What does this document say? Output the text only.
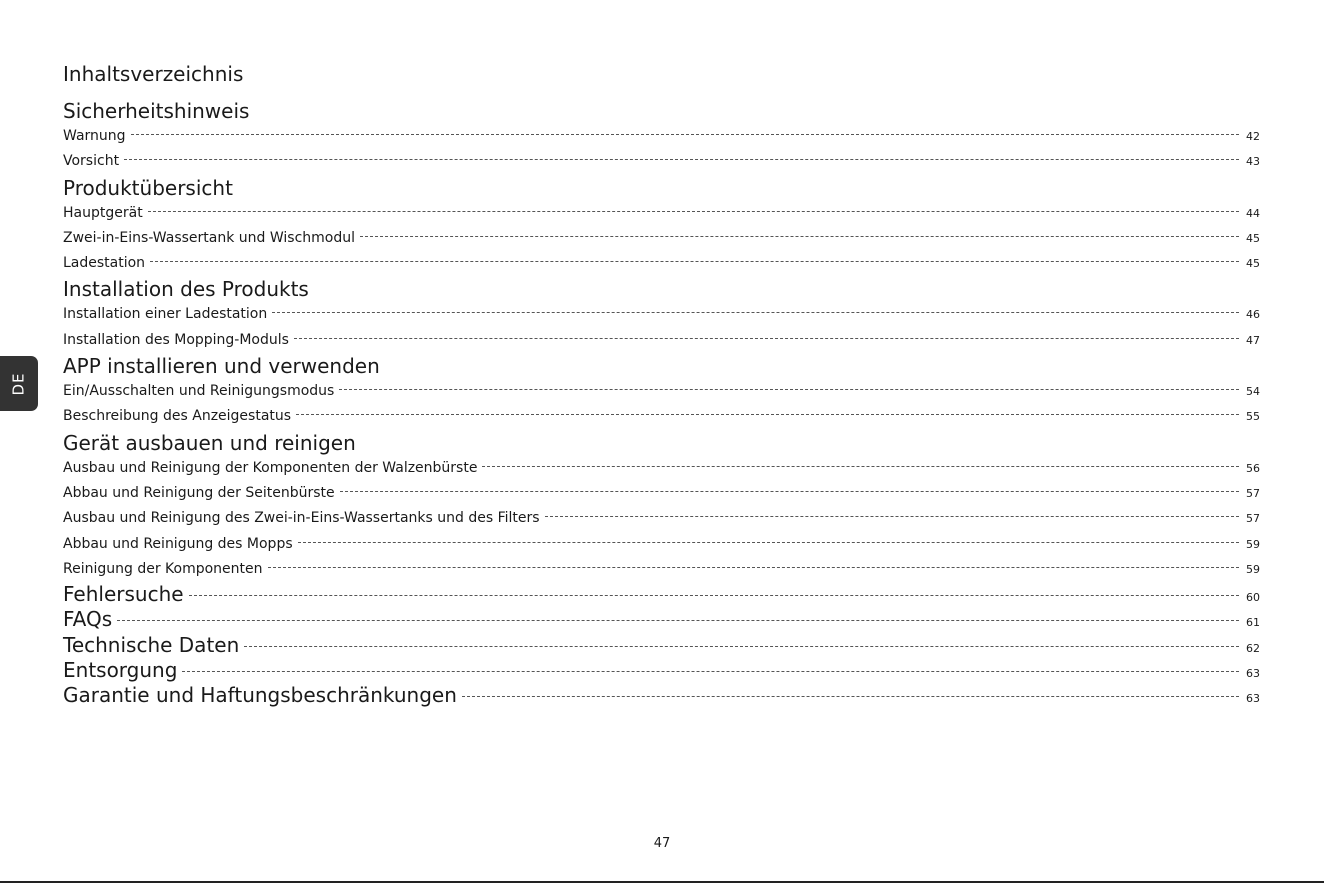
Inhaltsverzeichnis
Sicherheitshinweis
Warnung	42
Vorsicht	43
Produktübersicht
Hauptgerät	44
Zwei-in-Eins-Wassertank und Wischmodul	45
Ladestation	45
Installation des Produkts
Installation einer Ladestation	46
Installation des Mopping-Moduls	47
APP installieren und verwenden
Ein/Ausschalten und Reinigungsmodus	54
Beschreibung des Anzeigestatus	55
Gerät ausbauen und reinigen
Ausbau und Reinigung der Komponenten der Walzenbürste	56
Abbau und Reinigung der Seitenbürste	57
Ausbau und Reinigung des Zwei-in-Eins-Wassertanks und des Filters	57
Abbau und Reinigung des Mopps	59
Reinigung der Komponenten	59
Fehlersuche	60
FAQs	61
Technische Daten	62
Entsorgung	63
Garantie und Haftungsbeschränkungen	63
DE
47
